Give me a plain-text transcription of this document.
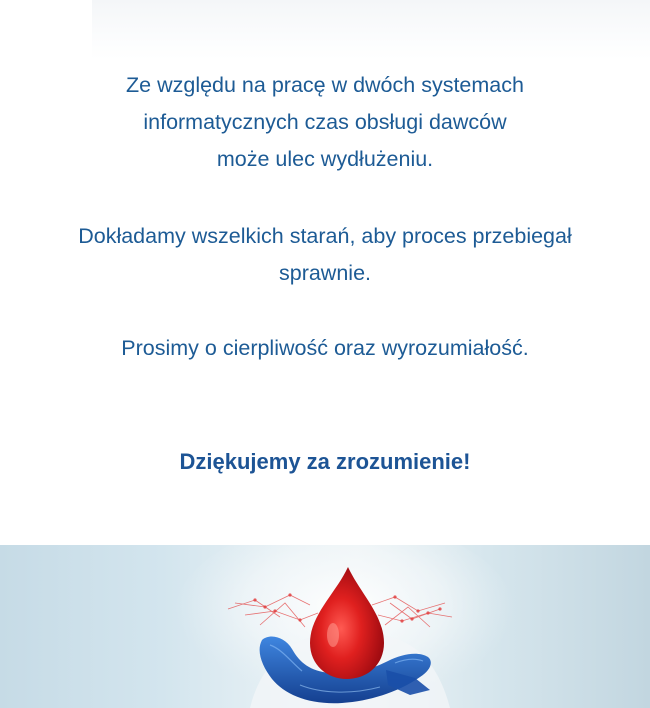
Ze względu na pracę w dwóch systemach
informatycznych czas obsługi dawców
może ulec wydłużeniu.

Dokładamy wszelkich starań, aby proces przebiegał
sprawnie.

Prosimy o cierpliwość oraz wyrozumiałość.

Dziękujemy za zrozumienie!
